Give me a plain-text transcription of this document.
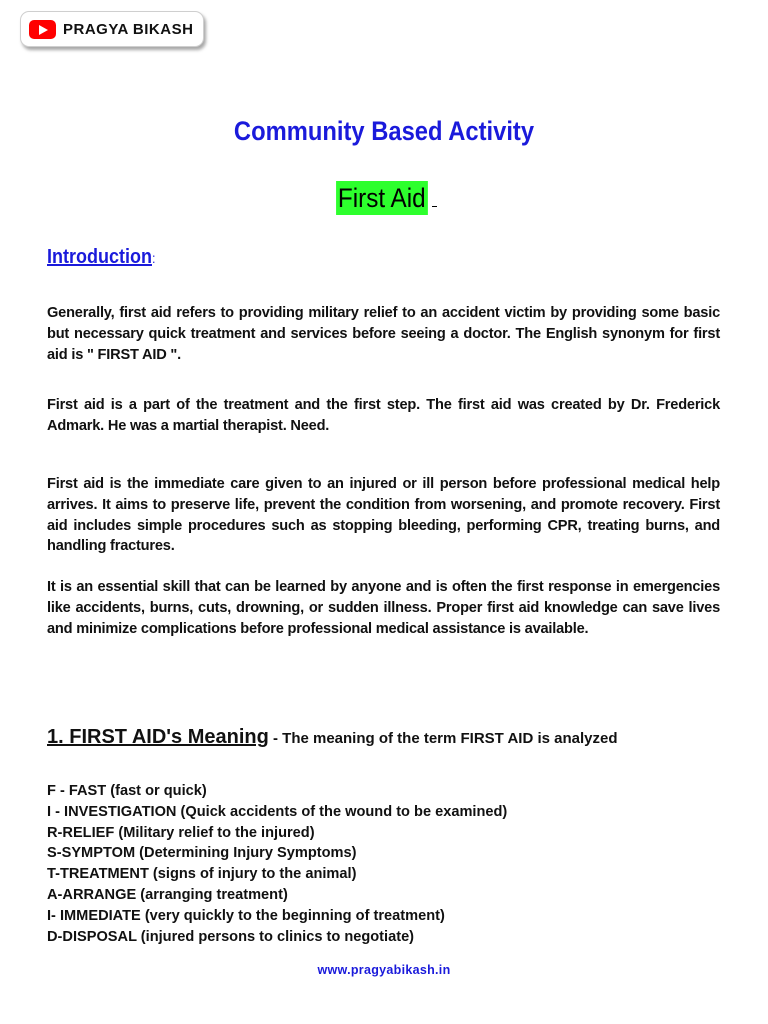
PRAGYA BIKASH
Community Based Activity
First Aid
Introduction:

Generally, first aid refers to providing military relief to an accident victim by providing some basic but necessary quick treatment and services before seeing a doctor. The English synonym for first aid is " FIRST AID ".

First aid is a part of the treatment and the first step. The first aid was created by Dr. Frederick Admark. He was a martial therapist. Need.

First aid is the immediate care given to an injured or ill person before professional medical help arrives. It aims to preserve life, prevent the condition from worsening, and promote recovery. First aid includes simple procedures such as stopping bleeding, performing CPR, treating burns, and handling fractures.

It is an essential skill that can be learned by anyone and is often the first response in emergencies like accidents, burns, cuts, drowning, or sudden illness. Proper first aid knowledge can save lives and minimize complications before professional medical assistance is available.

1. FIRST AID's Meaning - The meaning of the term FIRST AID is analyzed
F - FAST (fast or quick)
I - INVESTIGATION (Quick accidents of the wound to be examined)
R-RELIEF (Military relief to the injured)
S-SYMPTOM (Determining Injury Symptoms)
T-TREATMENT (signs of injury to the animal)
A-ARRANGE (arranging treatment)
I- IMMEDIATE (very quickly to the beginning of treatment)
D-DISPOSAL (injured persons to clinics to negotiate)
www.pragyabikash.in
